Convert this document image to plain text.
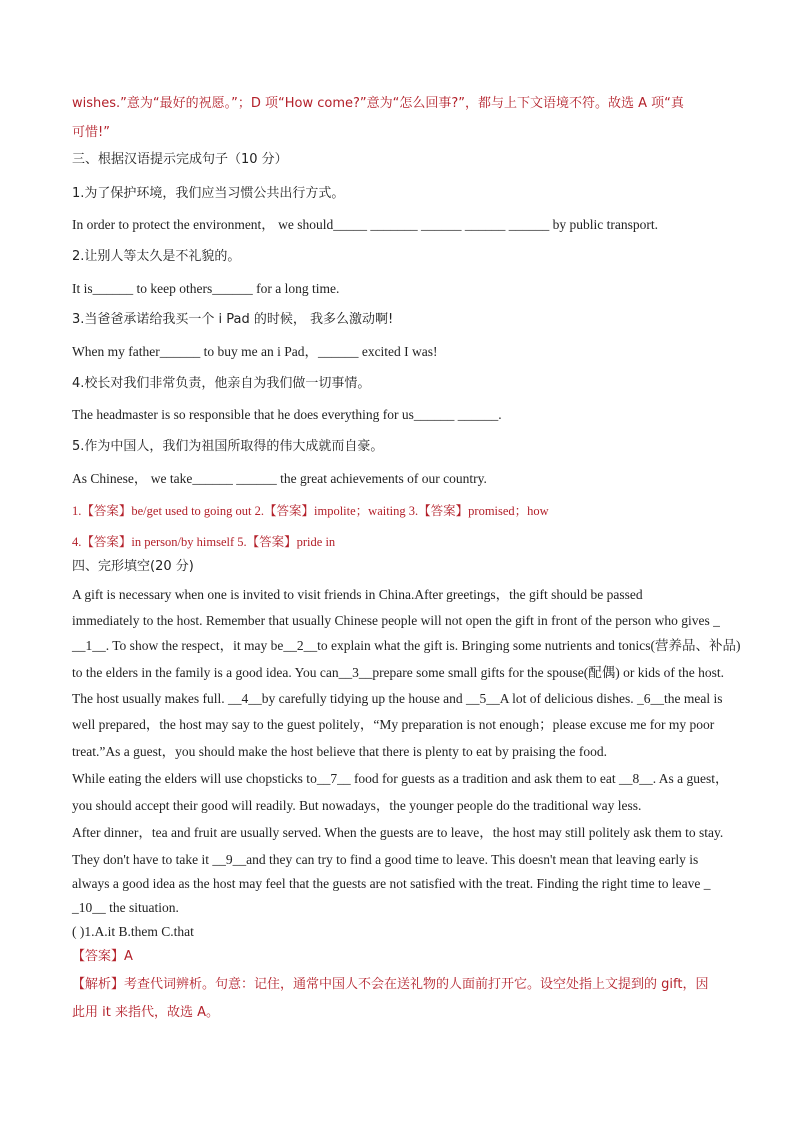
wishes.”意为“最好的祝愿。”；D 项“How come?”意为“怎么回事?”，都与上下文语境不符。故选 A 项“真
可惜!”
三、根据汉语提示完成句子（10 分）
1.为了保护环境，我们应当习惯公共出行方式。
In order to protect the environment， we should_____ _______ ______ ______ ______ by public transport.
2.让别人等太久是不礼貌的。
It is______ to keep others______ for a long time.
3.当爸爸承诺给我买一个 i Pad 的时候， 我多么激动啊!
When my father______ to buy me an i Pad，______ excited I was!
4.校长对我们非常负责，他亲自为我们做一切事情。
The headmaster is so responsible that he does everything for us______ ______.
5.作为中国人，我们为祖国所取得的伟大成就而自豪。
As Chinese， we take______ ______ the great achievements of our country.
1.【答案】be/get used to going out 2.【答案】impolite；waiting 3.【答案】promised；how
4.【答案】in person/by himself 5.【答案】pride in
四、完形填空(20 分)
A gift is necessary when one is invited to visit friends in China.After greetings，the gift should be passed
immediately to the host. Remember that usually Chinese people will not open the gift in front of the person who gives _
__1__. To show the respect，it may be__2__to explain what the gift is. Bringing some nutrients and tonics(营养品、补品)
to the elders in the family is a good idea. You can__3__prepare some small gifts for the spouse(配偶) or kids of the host.
The host usually makes full. __4__by carefully tidying up the house and __5__A lot of delicious dishes. _6__the meal is
well prepared，the host may say to the guest politely，“My preparation is not enough；please excuse me for my poor
treat.”As a guest，you should make the host believe that there is plenty to eat by praising the food.
While eating the elders will use chopsticks to__7__ food for guests as a tradition and ask them to eat __8__. As a guest，
you should accept their good will readily. But nowadays，the younger people do the traditional way less.
After dinner，tea and fruit are usually served. When the guests are to leave，the host may still politely ask them to stay.
They don't have to take it __9__and they can try to find a good time to leave. This doesn't mean that leaving early is
always a good idea as the host may feel that the guests are not satisfied with the treat. Finding the right time to leave _
_10__ the situation.
( )1.A.it B.them C.that
【答案】A
【解析】考查代词辨析。句意：记住，通常中国人不会在送礼物的人面前打开它。设空处指上文提到的 gift，因
此用 it 来指代，故选 A。
